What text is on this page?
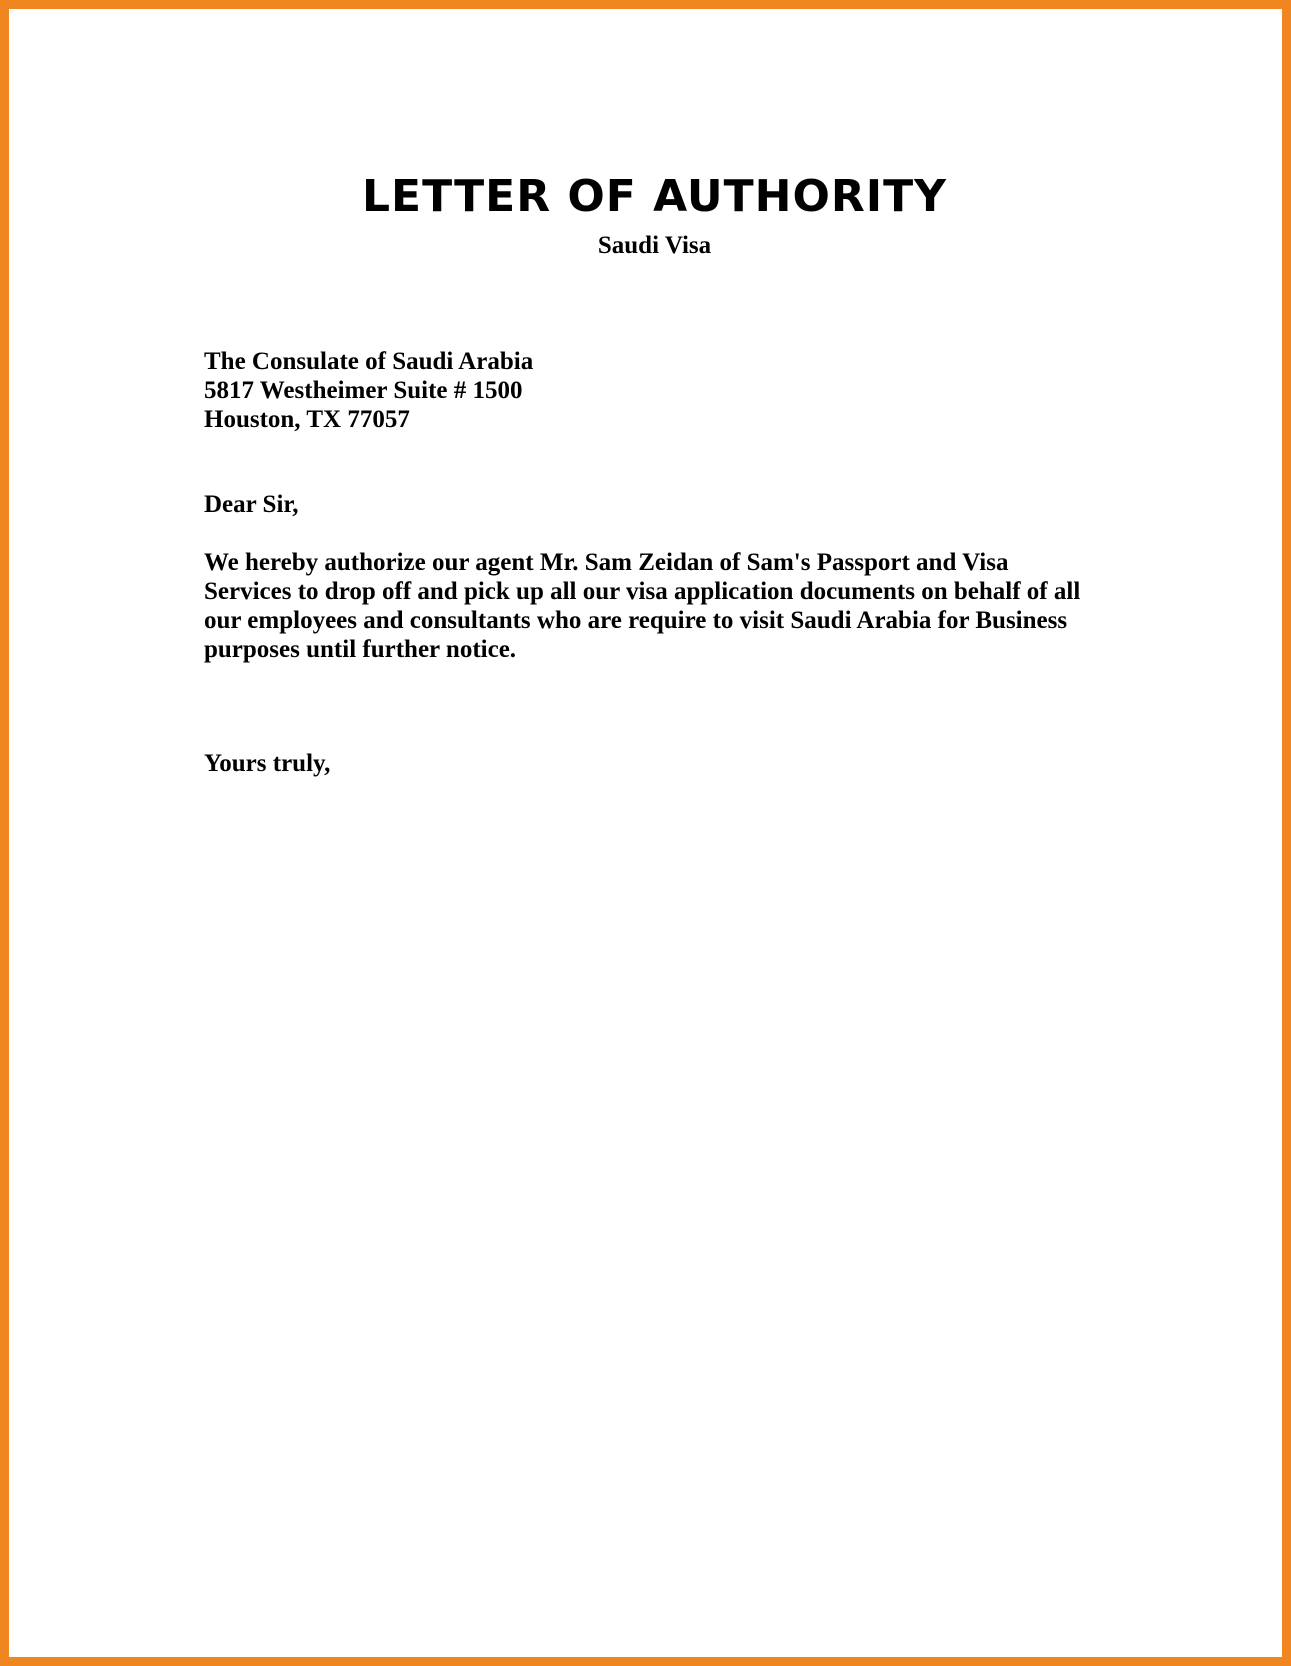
LETTER OF AUTHORITY
Saudi Visa
The Consulate of Saudi Arabia
5817 Westheimer Suite # 1500
Houston, TX 77057
Dear Sir,
We hereby authorize our agent Mr. Sam Zeidan of Sam's Passport and Visa
Services to drop off and pick up all our visa application documents on behalf of all
our employees and consultants who are require to visit Saudi Arabia for Business
purposes until further notice.
Yours truly,
